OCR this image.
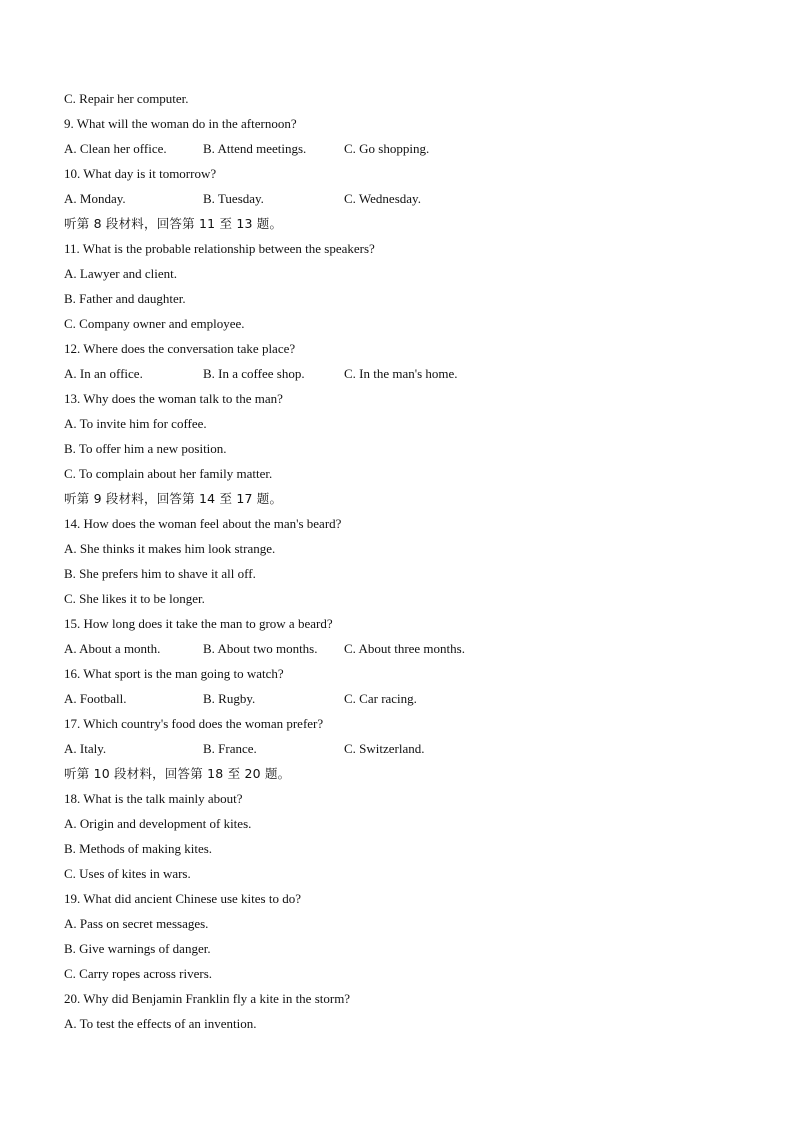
C. Repair her computer.
9. What will the woman do in the afternoon?
A. Clean her office.	B. Attend meetings.	C. Go shopping.
10. What day is it tomorrow?
A. Monday.	B. Tuesday.	C. Wednesday.
听第 8 段材料，回答第 11 至 13 题。
11. What is the probable relationship between the speakers?
A. Lawyer and client.
B. Father and daughter.
C. Company owner and employee.
12. Where does the conversation take place?
A. In an office.	B. In a coffee shop.	C. In the man's home.
13. Why does the woman talk to the man?
A. To invite him for coffee.
B. To offer him a new position.
C. To complain about her family matter.
听第 9 段材料，回答第 14 至 17 题。
14. How does the woman feel about the man's beard?
A. She thinks it makes him look strange.
B. She prefers him to shave it all off.
C. She likes it to be longer.
15. How long does it take the man to grow a beard?
A. About a month.	B. About two months. C. About three months.
16. What sport is the man going to watch?
A. Football.	B. Rugby.	C. Car racing.
17. Which country's food does the woman prefer?
A. Italy.	B. France.	C. Switzerland.
听第 10 段材料，回答第 18 至 20 题。
18. What is the talk mainly about?
A. Origin and development of kites.
B. Methods of making kites.
C. Uses of kites in wars.
19. What did ancient Chinese use kites to do?
A. Pass on secret messages.
B. Give warnings of danger.
C. Carry ropes across rivers.
20. Why did Benjamin Franklin fly a kite in the storm?
A. To test the effects of an invention.
